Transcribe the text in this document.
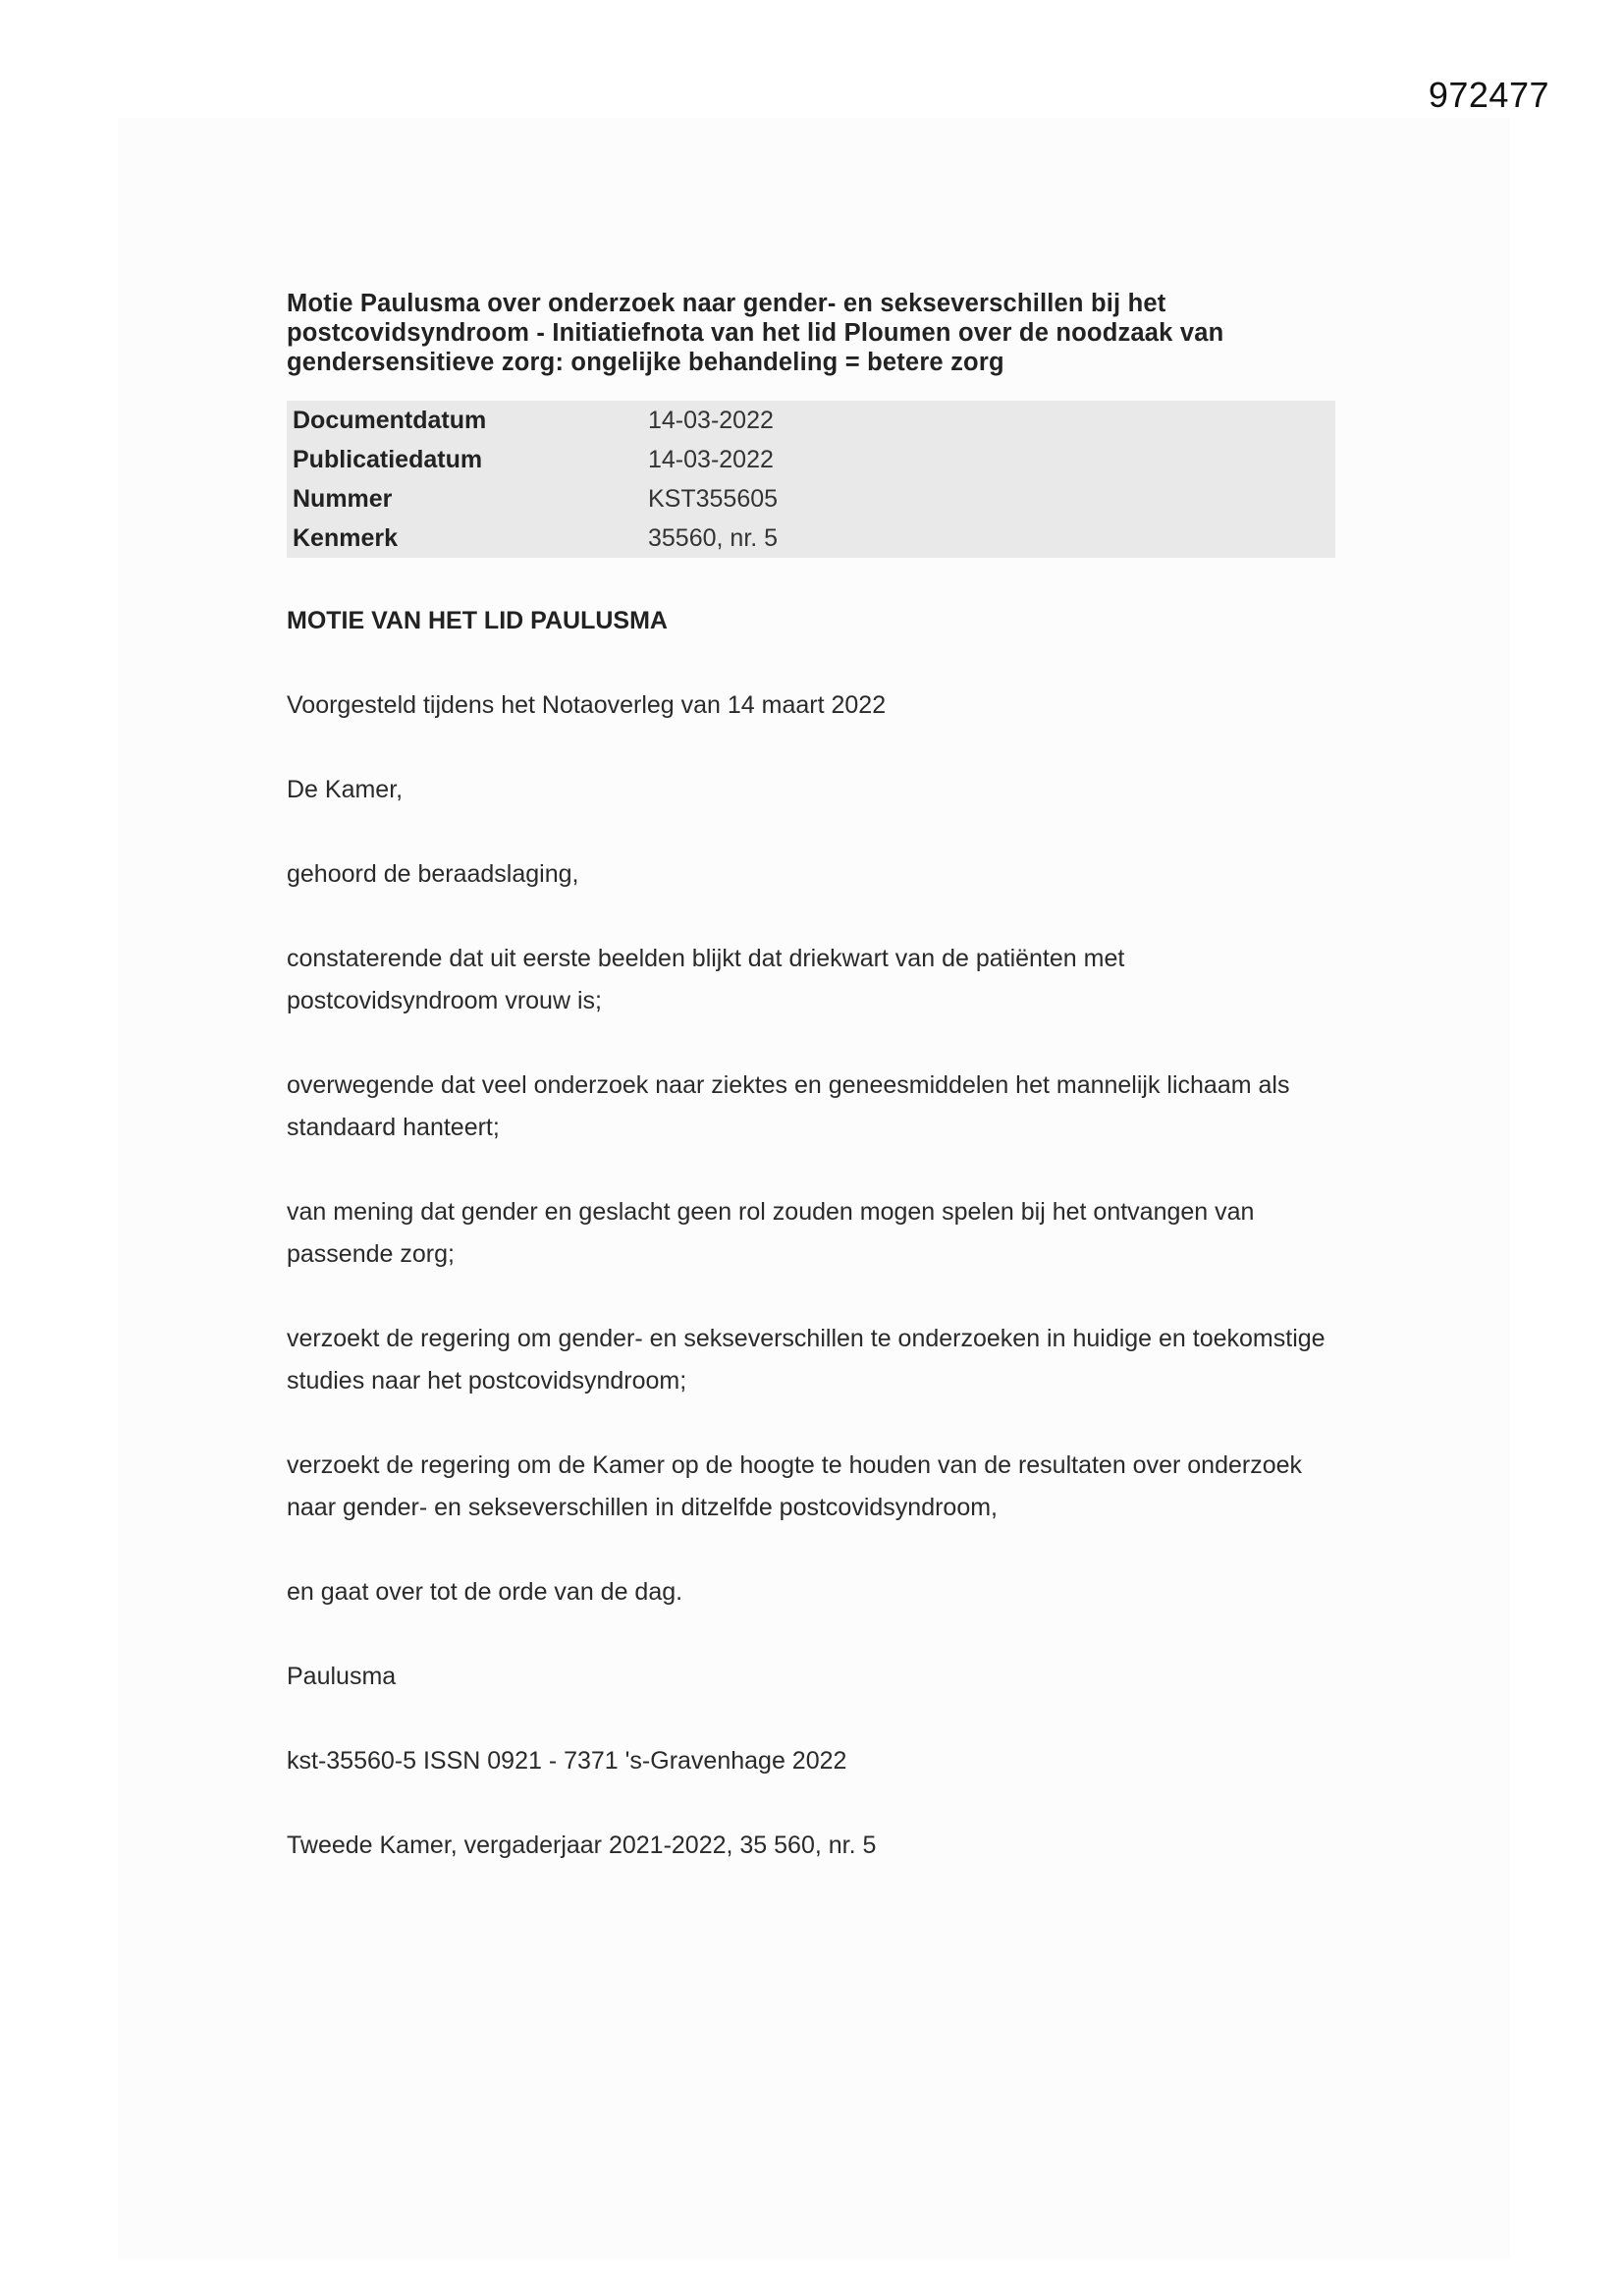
972477
Motie Paulusma over onderzoek naar gender- en sekseverschillen bij het postcovidsyndroom - Initiatiefnota van het lid Ploumen over de noodzaak van gendersensitieve zorg: ongelijke behandeling = betere zorg
Documentdatum	14-03-2022
Publicatiedatum	14-03-2022
Nummer	KST355605
Kenmerk	35560, nr. 5
MOTIE VAN HET LID PAULUSMA

Voorgesteld tijdens het Notaoverleg van 14 maart 2022

De Kamer,

gehoord de beraadslaging,

constaterende dat uit eerste beelden blijkt dat driekwart van de patiënten met postcovidsyndroom vrouw is;

overwegende dat veel onderzoek naar ziektes en geneesmiddelen het mannelijk lichaam als standaard hanteert;

van mening dat gender en geslacht geen rol zouden mogen spelen bij het ontvangen van passende zorg;

verzoekt de regering om gender- en sekseverschillen te onderzoeken in huidige en toekomstige studies naar het postcovidsyndroom;

verzoekt de regering om de Kamer op de hoogte te houden van de resultaten over onderzoek naar gender- en sekseverschillen in ditzelfde postcovidsyndroom,

en gaat over tot de orde van de dag.

Paulusma

kst-35560-5 ISSN 0921 - 7371 's-Gravenhage 2022

Tweede Kamer, vergaderjaar 2021-2022, 35 560, nr. 5
